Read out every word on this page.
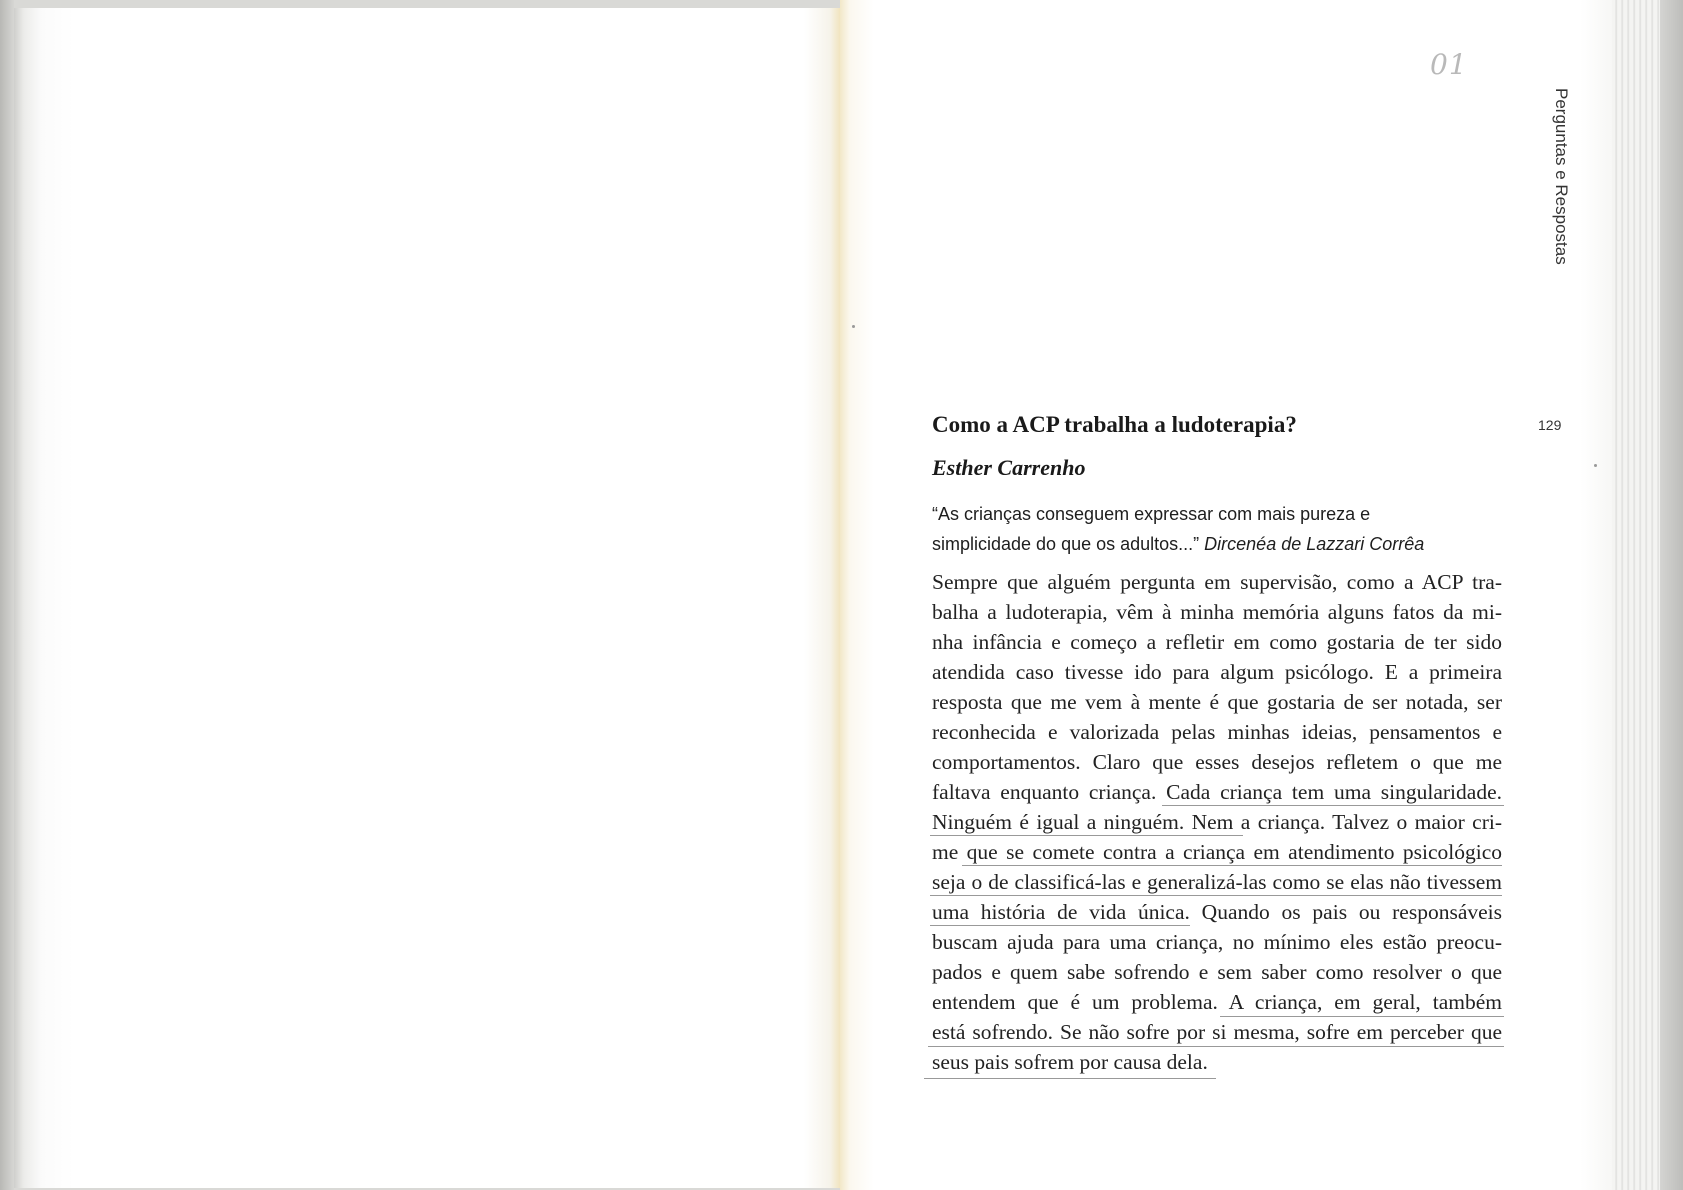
01
Perguntas e Respostas
129
Como a ACP trabalha a ludoterapia?
Esther Carrenho
“As crianças conseguem expressar com mais pureza e
simplicidade do que os adultos...” Dircenéa de Lazzari Corrêa
Sempre que alguém pergunta em supervisão, como a ACP tra-
balha a ludoterapia, vêm à minha memória alguns fatos da mi-
nha infância e começo a refletir em como gostaria de ter sido
atendida caso tivesse ido para algum psicólogo. E a primeira
resposta que me vem à mente é que gostaria de ser notada, ser
reconhecida e valorizada pelas minhas ideias, pensamentos e
comportamentos. Claro que esses desejos refletem o que me
faltava enquanto criança. Cada criança tem uma singularidade.
Ninguém é igual a ninguém. Nem a criança. Talvez o maior cri-
me que se comete contra a criança em atendimento psicológico
seja o de classificá-las e generalizá-las como se elas não tivessem
uma história de vida única. Quando os pais ou responsáveis
buscam ajuda para uma criança, no mínimo eles estão preocu-
pados e quem sabe sofrendo e sem saber como resolver o que
entendem que é um problema. A criança, em geral, também
está sofrendo. Se não sofre por si mesma, sofre em perceber que
seus pais sofrem por causa dela.
